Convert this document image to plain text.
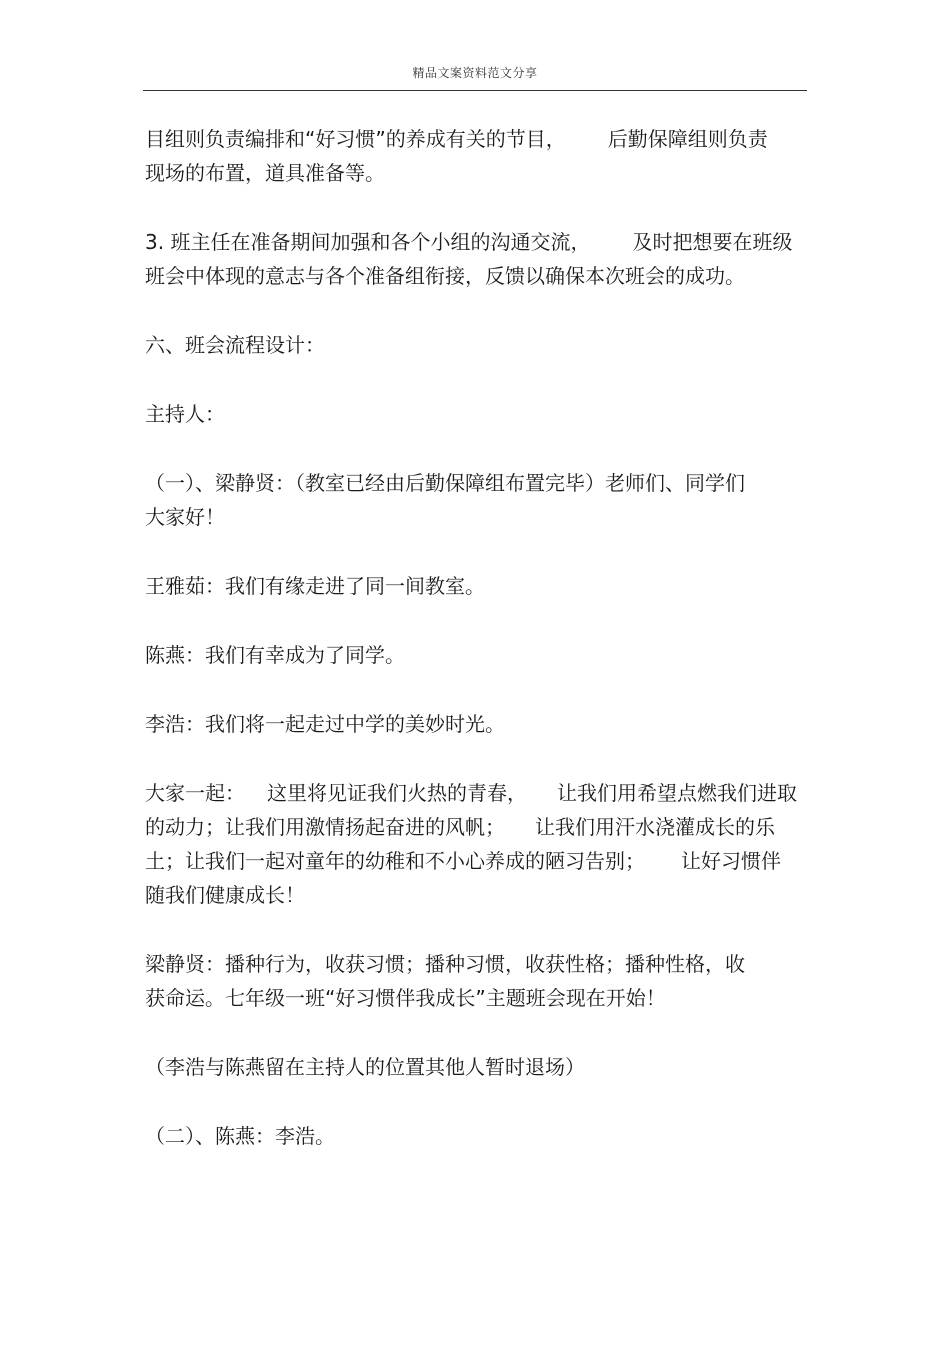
精品文案资料范文分享

目组则负责编排和“好习惯”的养成有关的节目， 后勤保障组则负责

现场的布置，道具准备等。

3. 班主任在准备期间加强和各个小组的沟通交流， 及时把想要在班级

班会中体现的意志与各个准备组衔接，反馈以确保本次班会的成功。

六、班会流程设计：

主持人：

（一）、梁静贤：（教室已经由后勤保障组布置完毕）老师们、同学们

大家好！

王雅茹：我们有缘走进了同一间教室。

陈燕：我们有幸成为了同学。

李浩：我们将一起走过中学的美妙时光。

大家一起： 这里将见证我们火热的青春， 让我们用希望点燃我们进取

的动力；让我们用激情扬起奋进的风帆； 让我们用汗水浇灌成长的乐

土；让我们一起对童年的幼稚和不小心养成的陋习告别； 让好习惯伴

随我们健康成长！

梁静贤：播种行为，收获习惯；播种习惯，收获性格；播种性格，收

获命运。七年级一班“好习惯伴我成长”主题班会现在开始！

（李浩与陈燕留在主持人的位置其他人暂时退场）

（二）、陈燕：李浩。
